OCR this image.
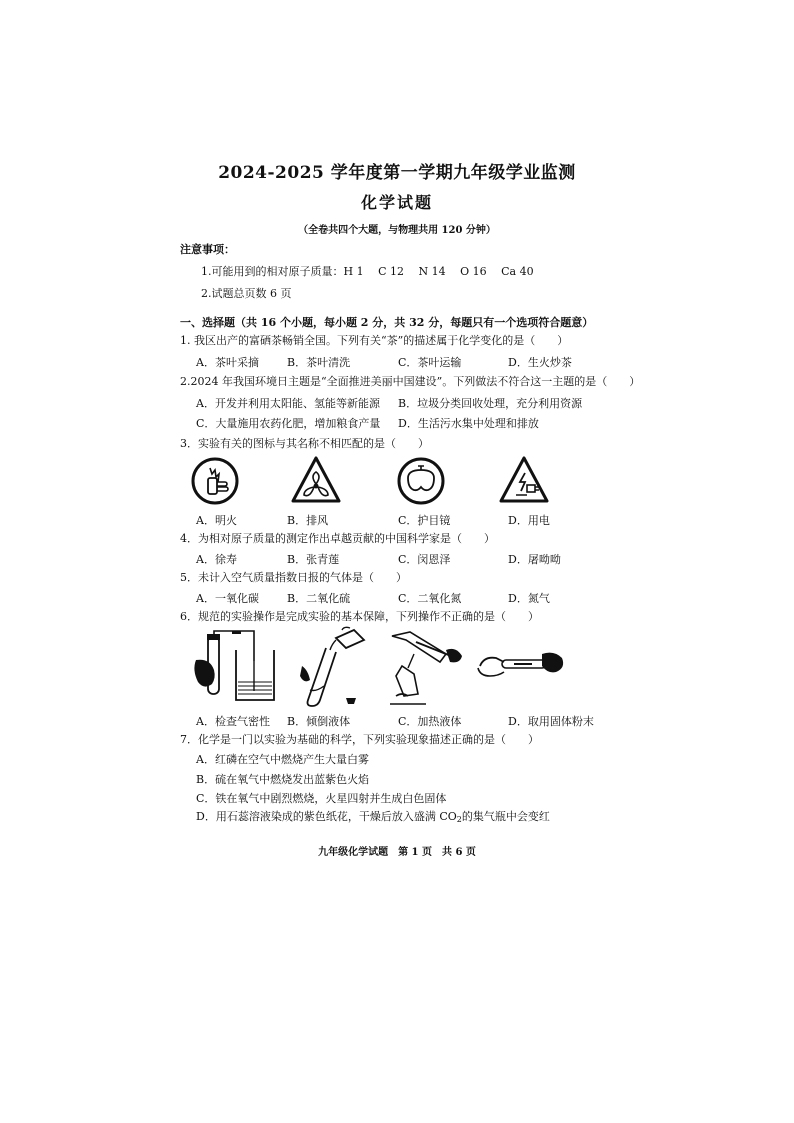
2024-2025 学年度第一学期九年级学业监测
化学试题
（全卷共四个大题，与物理共用 120 分钟）
注意事项：
1.可能用到的相对原子质量：H 1　 C 12　 N 14　 O 16　 Ca 40
2.试题总页数 6 页
一、选择题（共 16 个小题，每小题 2 分，共 32 分，每题只有一个选项符合题意）
1. 我区出产的富硒茶畅销全国。下列有关“茶”的描述属于化学变化的是（　　）
A．茶叶采摘	B．茶叶清洗	C．茶叶运输	D．生火炒茶
2.2024 年我国环境日主题是“全面推进美丽中国建设”。下列做法不符合这一主题的是（　　）
A．开发并利用太阳能、氢能等新能源 B．垃圾分类回收处理，充分利用资源
C．大量施用农药化肥，增加粮食产量 D．生活污水集中处理和排放
3．实验有关的图标与其名称不相匹配的是（　　）
A．明火	B．排风	C．护目镜	D．用电
4．为相对原子质量的测定作出卓越贡献的中国科学家是（　　）
A．徐寿	B．张青莲	C．闵恩泽	D．屠呦呦
5．未计入空气质量指数日报的气体是（　　）
A．一氧化碳	B．二氧化硫	C．二氧化氮	D．氮气
6．规范的实验操作是完成实验的基本保障，下列操作不正确的是（　　）
A．检查气密性 B．倾倒液体	C．加热液体	D．取用固体粉末
7．化学是一门以实验为基础的科学，下列实验现象描述正确的是（　　）
A．红磷在空气中燃烧产生大量白雾
B．硫在氧气中燃烧发出蓝紫色火焰
C．铁在氧气中剧烈燃烧，火星四射并生成白色固体
D．用石蕊溶液染成的紫色纸花，干燥后放入盛满 $CO_2$的集气瓶中会变红
九年级化学试题　第 1 页　共 6 页
